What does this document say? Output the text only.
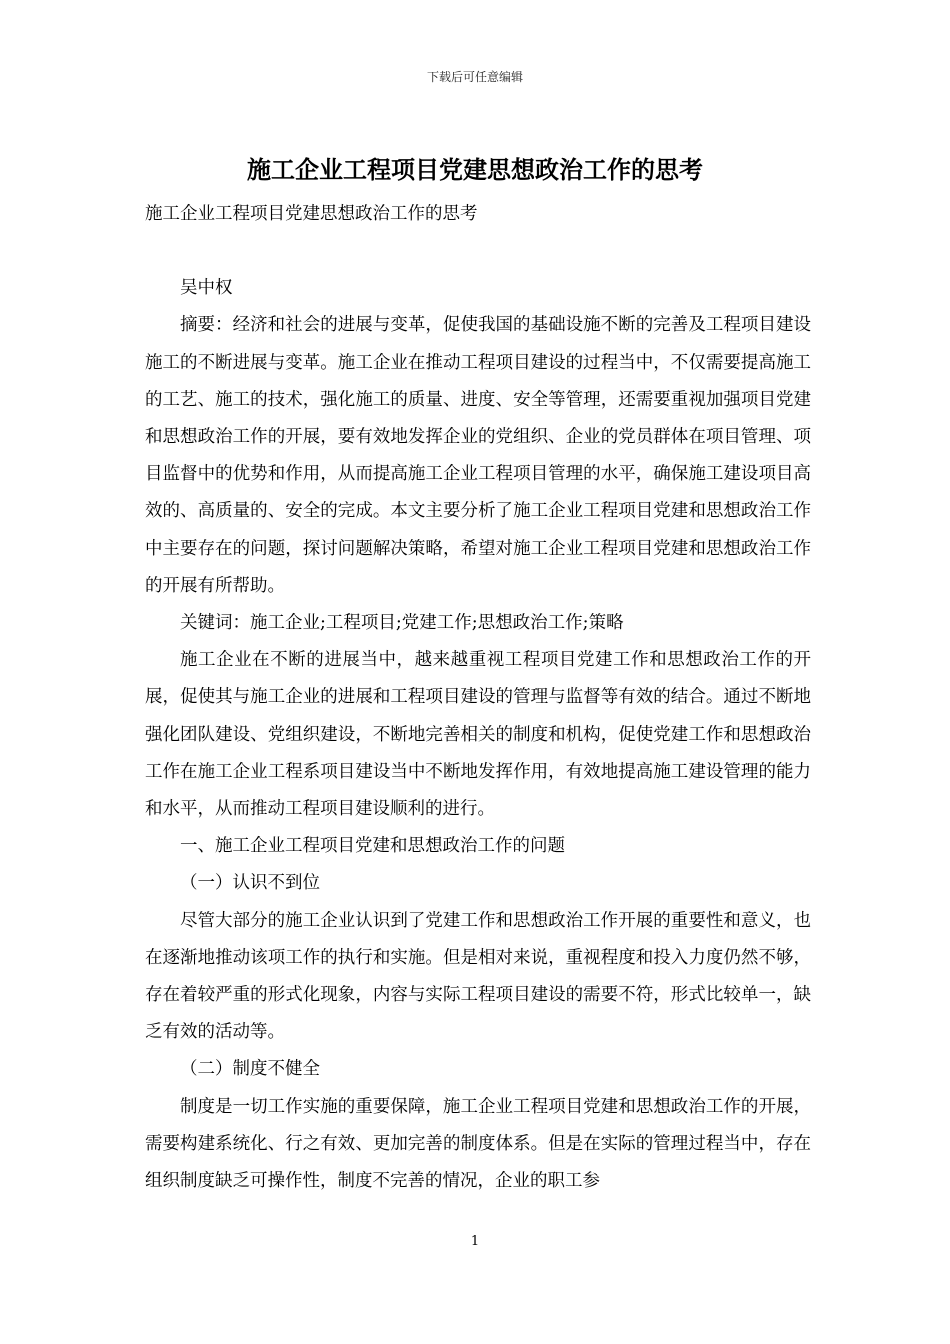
下载后可任意编辑
施工企业工程项目党建思想政治工作的思考

施工企业工程项目党建思想政治工作的思考

吴中权

摘要：经济和社会的进展与变革，促使我国的基础设施不断的完善及工程项目建设施工的不断进展与变革。施工企业在推动工程项目建设的过程当中，不仅需要提高施工的工艺、施工的技术，强化施工的质量、进度、安全等管理，还需要重视加强项目党建和思想政治工作的开展，要有效地发挥企业的党组织、企业的党员群体在项目管理、项目监督中的优势和作用，从而提高施工企业工程项目管理的水平，确保施工建设项目高效的、高质量的、安全的完成。本文主要分析了施工企业工程项目党建和思想政治工作中主要存在的问题，探讨问题解决策略，希望对施工企业工程项目党建和思想政治工作的开展有所帮助。

关键词：施工企业;工程项目;党建工作;思想政治工作;策略

施工企业在不断的进展当中，越来越重视工程项目党建工作和思想政治工作的开展，促使其与施工企业的进展和工程项目建设的管理与监督等有效的结合。通过不断地强化团队建设、党组织建设，不断地完善相关的制度和机构，促使党建工作和思想政治工作在施工企业工程系项目建设当中不断地发挥作用，有效地提高施工建设管理的能力和水平，从而推动工程项目建设顺利的进行。

一、施工企业工程项目党建和思想政治工作的问题

（一）认识不到位

尽管大部分的施工企业认识到了党建工作和思想政治工作开展的重要性和意义，也在逐渐地推动该项工作的执行和实施。但是相对来说，重视程度和投入力度仍然不够，存在着较严重的形式化现象，内容与实际工程项目建设的需要不符，形式比较单一，缺乏有效的活动等。

（二）制度不健全

制度是一切工作实施的重要保障，施工企业工程项目党建和思想政治工作的开展，需要构建系统化、行之有效、更加完善的制度体系。但是在实际的管理过程当中，存在组织制度缺乏可操作性，制度不完善的情况，企业的职工参

1
